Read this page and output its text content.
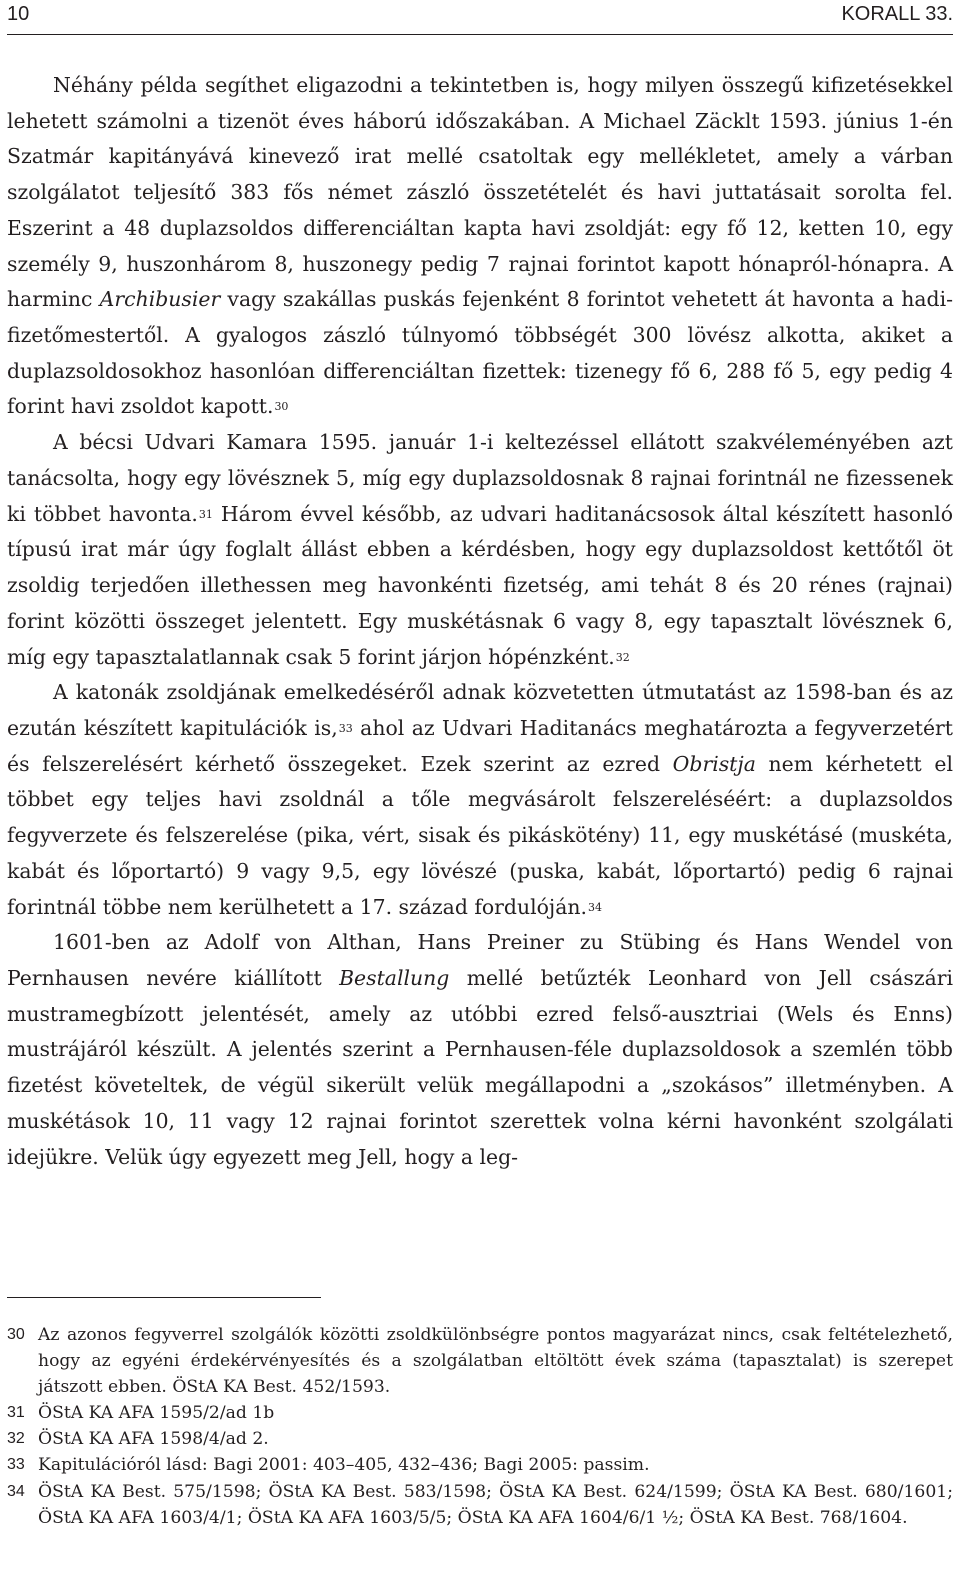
10	KORALL 33.

Néhány példa segíthet eligazodni a tekintetben is, hogy milyen összegű kifizetésekkel lehetett számolni a tizenöt éves háború időszakában. A Michael Zäcklt 1593. június 1-én Szatmár kapitányává kinevező irat mellé csatoltak egy mellékletet, amely a várban szolgálatot teljesítő 383 fős német zászló összetételét és havi juttatásait sorolta fel. Eszerint a 48 duplazsoldos differenciáltan kapta havi zsoldját: egy fő 12, ketten 10, egy személy 9, huszonhárom 8, huszonegy pedig 7 rajnai forintot kapott hónapról-hónapra. A harminc Archibusier vagy szakállas puskás fejenként 8 forintot vehetett át havonta a hadi-fizetőmestertől. A gyalogos zászló túlnyomó többségét 300 lövész alkotta, akiket a duplazsoldosokhoz hasonlóan differenciáltan fizettek: tizenegy fő 6, 288 fő 5, egy pedig 4 forint havi zsoldot kapott.$^{30}$

A bécsi Udvari Kamara 1595. január 1-i keltezéssel ellátott szakvéleményében azt tanácsolta, hogy egy lövésznek 5, míg egy duplazsoldosnak 8 rajnai forintnál ne fizessenek ki többet havonta.$^{31}$ Három évvel később, az udvari haditanácsosok által készített hasonló típusú irat már úgy foglalt állást ebben a kérdésben, hogy egy duplazsoldost kettőtől öt zsoldig terjedően illethessen meg havonkénti fizetség, ami tehát 8 és 20 rénes (rajnai) forint közötti összeget jelentett. Egy muskétásnak 6 vagy 8, egy tapasztalt lövésznek 6, míg egy tapasztalatlannak csak 5 forint járjon hópénzként.$^{32}$

A katonák zsoldjának emelkedéséről adnak közvetetten útmutatást az 1598-ban és az ezután készített kapitulációk is,$^{33}$ ahol az Udvari Haditanács meghatározta a fegyverzetért és felszerelésért kérhető összegeket. Ezek szerint az ezred Obristja nem kérhetett el többet egy teljes havi zsoldnál a tőle megvásárolt felszereléséért: a duplazsoldos fegyverzete és felszerelése (pika, vért, sisak és pikáskötény) 11, egy muskétásé (muskéta, kabát és lőportartó) 9 vagy 9,5, egy lövészé (puska, kabát, lőportartó) pedig 6 rajnai forintnál többe nem kerülhetett a 17. század fordulóján.$^{34}$

1601-ben az Adolf von Althan, Hans Preiner zu Stübing és Hans Wendel von Pernhausen nevére kiállított Bestallung mellé betűzték Leonhard von Jell császári mustramegbízott jelentését, amely az utóbbi ezred felső-ausztriai (Wels és Enns) mustrájáról készült. A jelentés szerint a Pernhausen-féle duplazsoldosok a szemlén több fizetést követeltek, de végül sikerült velük megállapodni a „szokásos” illetményben. A muskétások 10, 11 vagy 12 rajnai forintot szerettek volna kérni havonként szolgálati idejükre. Velük úgy egyezett meg Jell, hogy a leg-

30 Az azonos fegyverrel szolgálók közötti zsoldkülönbségre pontos magyarázat nincs, csak feltételezhető, hogy az egyéni érdekérvényesítés és a szolgálatban eltöltött évek száma (tapasztalat) is szerepet játszott ebben. ÖStA KA Best. 452/1593.
31 ÖStA KA AFA 1595/2/ad 1b
32 ÖStA KA AFA 1598/4/ad 2.
33 Kapitulációról lásd: Bagi 2001: 403–405, 432–436; Bagi 2005: passim.
34 ÖStA KA Best. 575/1598; ÖStA KA Best. 583/1598; ÖStA KA Best. 624/1599; ÖStA KA Best. 680/1601; ÖStA KA AFA 1603/4/1; ÖStA KA AFA 1603/5/5; ÖStA KA AFA 1604/6/1 ½; ÖStA KA Best. 768/1604.
